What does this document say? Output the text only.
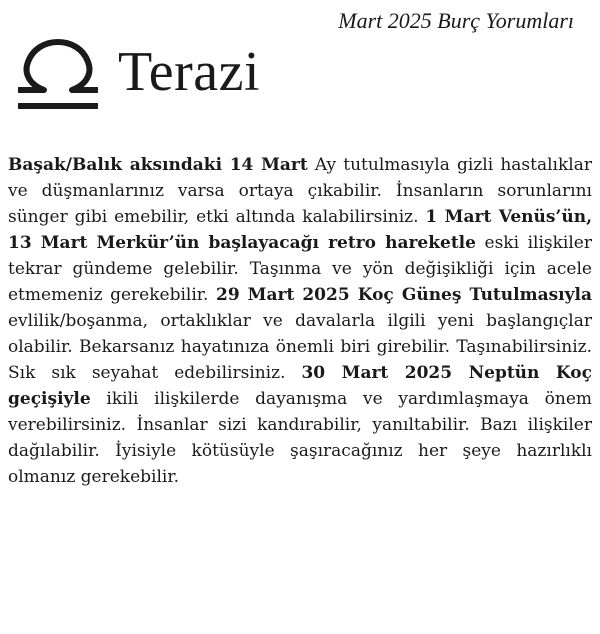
Mart 2025 Burç Yorumları
Terazi

Başak/Balık aksındaki 14 Mart Ay tutulmasıyla gizli hastalıklar ve düşmanlarınız varsa ortaya çıkabilir. İnsanların sorunlarını sünger gibi emebilir, etki altında kalabilirsiniz. 1 Mart Venüs’ün, 13 Mart Merkür’ün başlayacağı retro hareketle eski ilişkiler tekrar gündeme gelebilir. Taşınma ve yön değişikliği için acele etmemeniz gerekebilir. 29 Mart 2025 Koç Güneş Tutulmasıyla evlilik/boşanma, ortaklıklar ve davalarla ilgili yeni başlangıçlar olabilir. Bekarsanız hayatınıza önemli biri girebilir. Taşınabilirsiniz. Sık sık seyahat edebilirsiniz. 30 Mart 2025 Neptün Koç geçişiyle ikili ilişkilerde dayanışma ve yardımlaşmaya önem verebilirsiniz. İnsanlar sizi kandırabilir, yanıltabilir. Bazı ilişkiler dağılabilir. İyisiyle kötüsüyle şaşıracağınız her şeye hazırlıklı olmanız gerekebilir.
